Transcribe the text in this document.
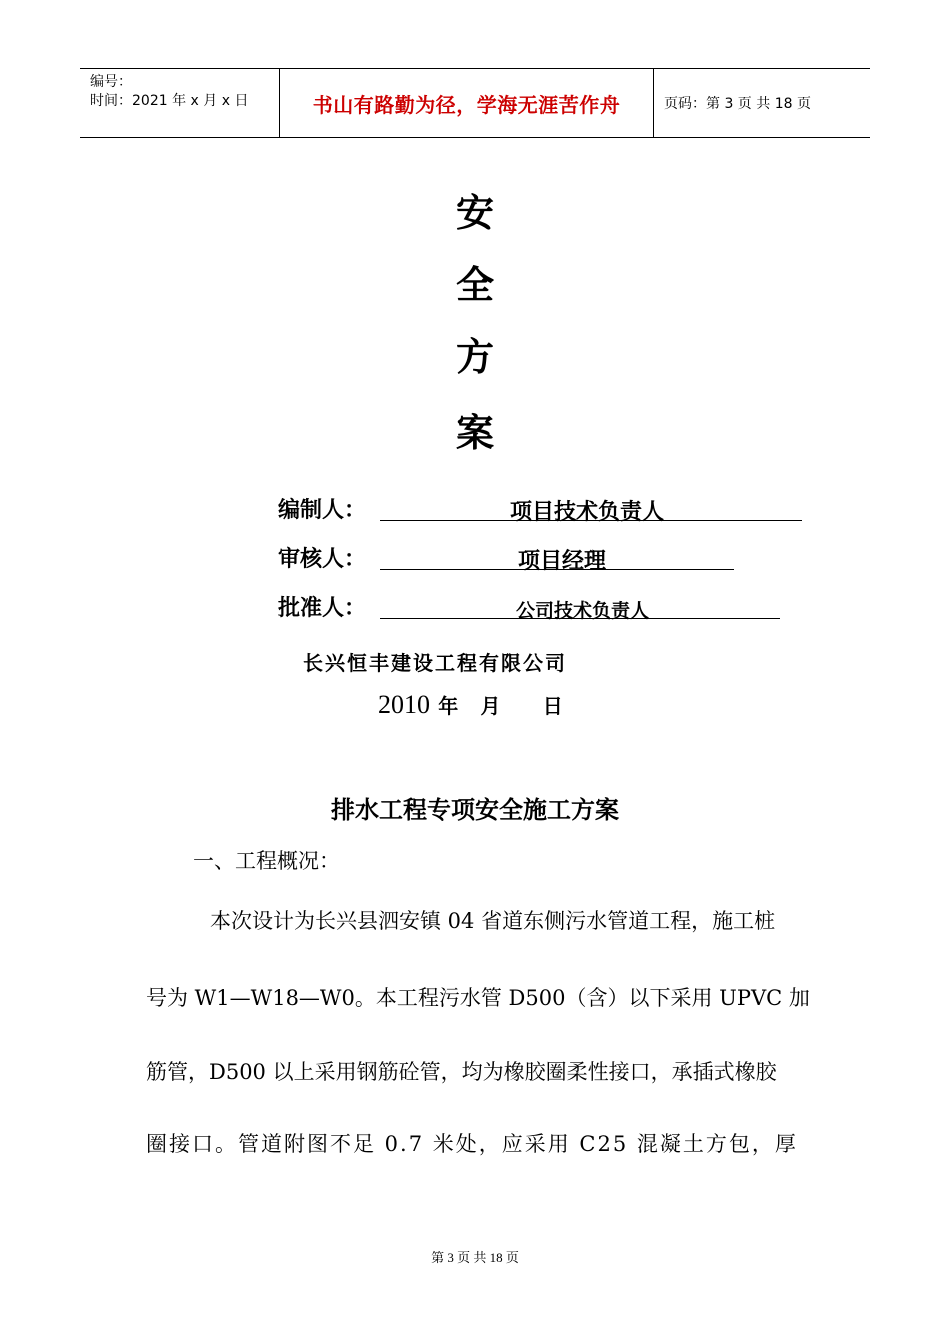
编号：
时间：2021 年 x 月 x 日	书山有路勤为径，学海无涯苦作舟	页码：第 3 页 共 18 页
安
全
方
案
编制人：	项目技术负责人
审核人：	项目经理
批准人：	公司技术负责人
长兴恒丰建设工程有限公司
2010 年 月 日
排水工程专项安全施工方案
一、工程概况：
本次设计为长兴县泗安镇 04 省道东侧污水管道工程，施工桩
号为 W1—W18—W0。本工程污水管 D500（含）以下采用 UPVC 加
筋管，D500 以上采用钢筋砼管，均为橡胶圈柔性接口，承插式橡胶
圈接口。管道附图不足 0.7 米处，应采用 C25 混凝土方包，厚
第 3 页 共 18 页
